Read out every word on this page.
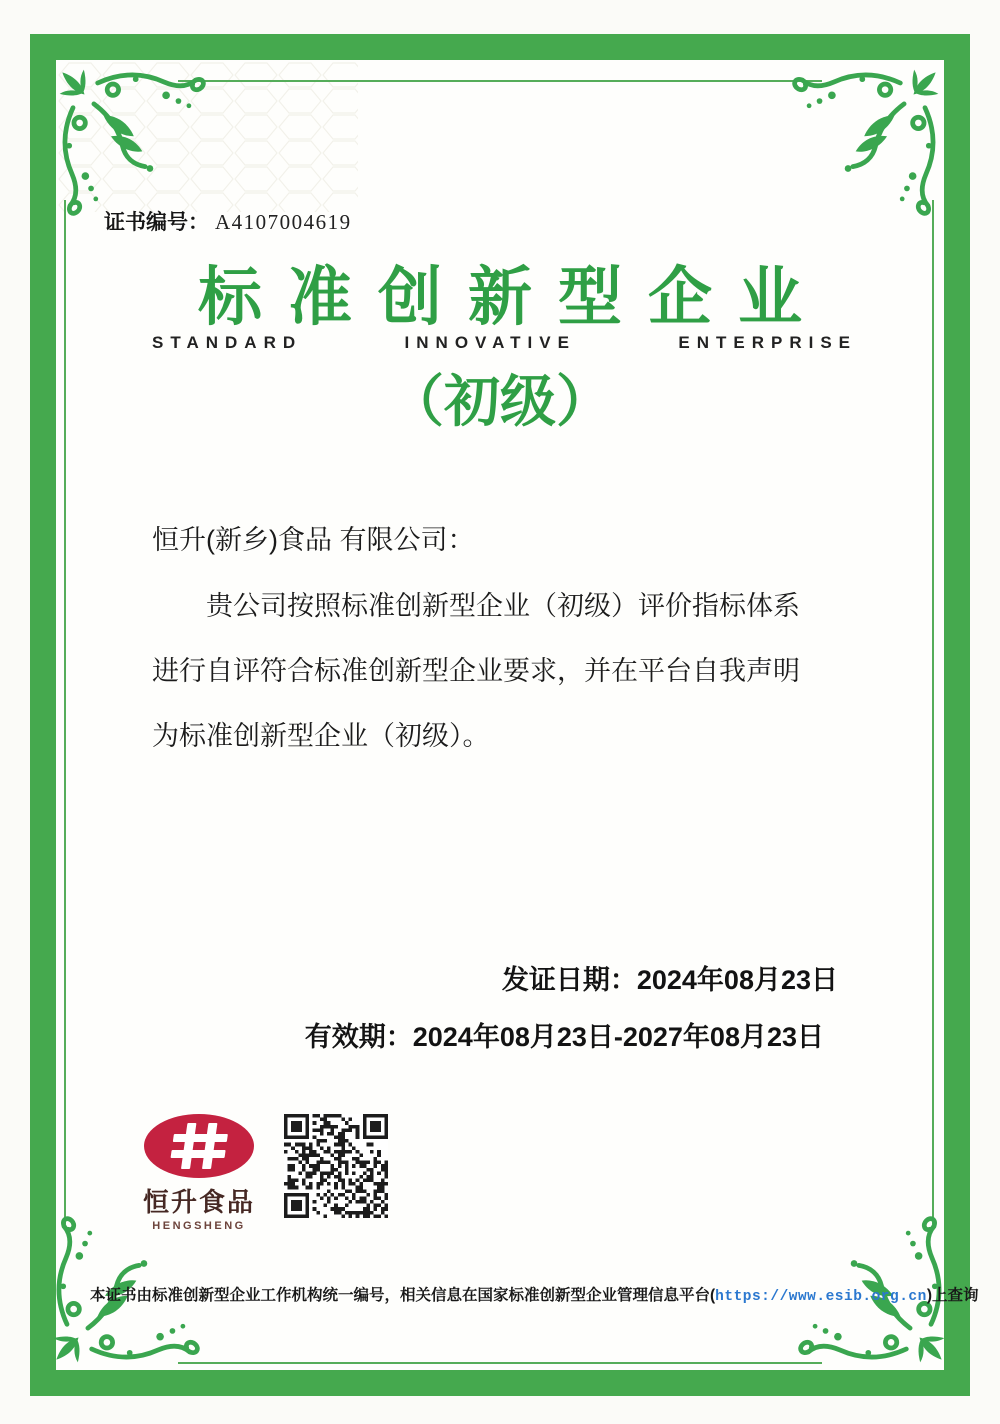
证书编号： A4107004619
标准创新型企业
STANDARD	INNOVATIVE	ENTERPRISE
（初级）
恒升(新乡)食品 有限公司：
贵公司按照标准创新型企业（初级）评价指标体系
进行自评符合标准创新型企业要求，并在平台自我声明
为标准创新型企业（初级）。
发证日期：2024年08月23日
有效期：2024年08月23日-2027年08月23日
恒升食品
HENGSHENG
本证书由标准创新型企业工作机构统一编号，相关信息在国家标准创新型企业管理信息平台(https://www.esib.org.cn)上查询
